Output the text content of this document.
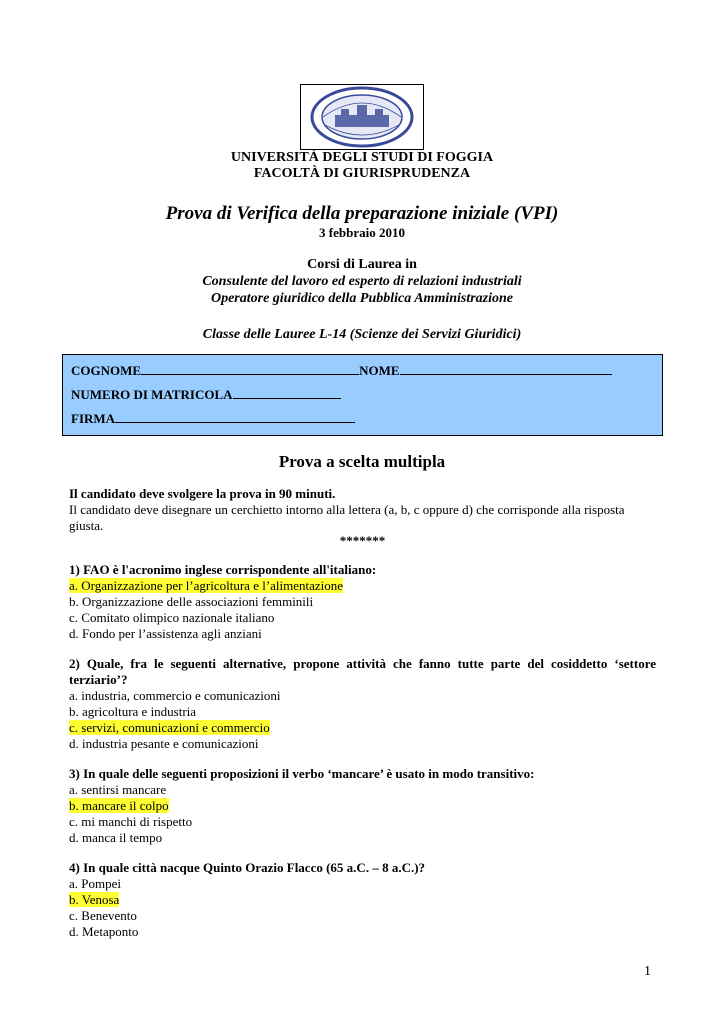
UNIVERSITÀ DEGLI STUDI DI FOGGIA
FACOLTÀ DI GIURISPRUDENZA
Prova di Verifica della preparazione iniziale (VPI)
3 febbraio 2010
Corsi di Laurea in
Consulente del lavoro ed esperto di relazioni industriali
Operatore giuridico della Pubblica Amministrazione
Classe delle Lauree L-14 (Scienze dei Servizi Giuridici)
COGNOME	NOME
NUMERO DI MATRICOLA
FIRMA
Prova a scelta multipla
Il candidato deve svolgere la prova in 90 minuti.
Il candidato deve disegnare un cerchietto intorno alla lettera (a, b, c oppure d) che corrisponde alla risposta giusta.
*******
1) FAO è l'acronimo inglese corrispondente all'italiano:
a. Organizzazione per l’agricoltura e l’alimentazione
b. Organizzazione delle associazioni femminili
c. Comitato olimpico nazionale italiano
d. Fondo per l’assistenza agli anziani
2) Quale, fra le seguenti alternative, propone attività che fanno tutte parte del cosiddetto ‘settore terziario’?
a. industria, commercio e comunicazioni
b. agricoltura e industria
c. servizi, comunicazioni e commercio
d. industria pesante e comunicazioni
3) In quale delle seguenti proposizioni il verbo ‘mancare’ è usato in modo transitivo:
a. sentirsi mancare
b. mancare il colpo
c. mi manchi di rispetto
d. manca il tempo
4) In quale città nacque Quinto Orazio Flacco (65 a.C. – 8 a.C.)?
a. Pompei
b. Venosa
c. Benevento
d. Metaponto
1
